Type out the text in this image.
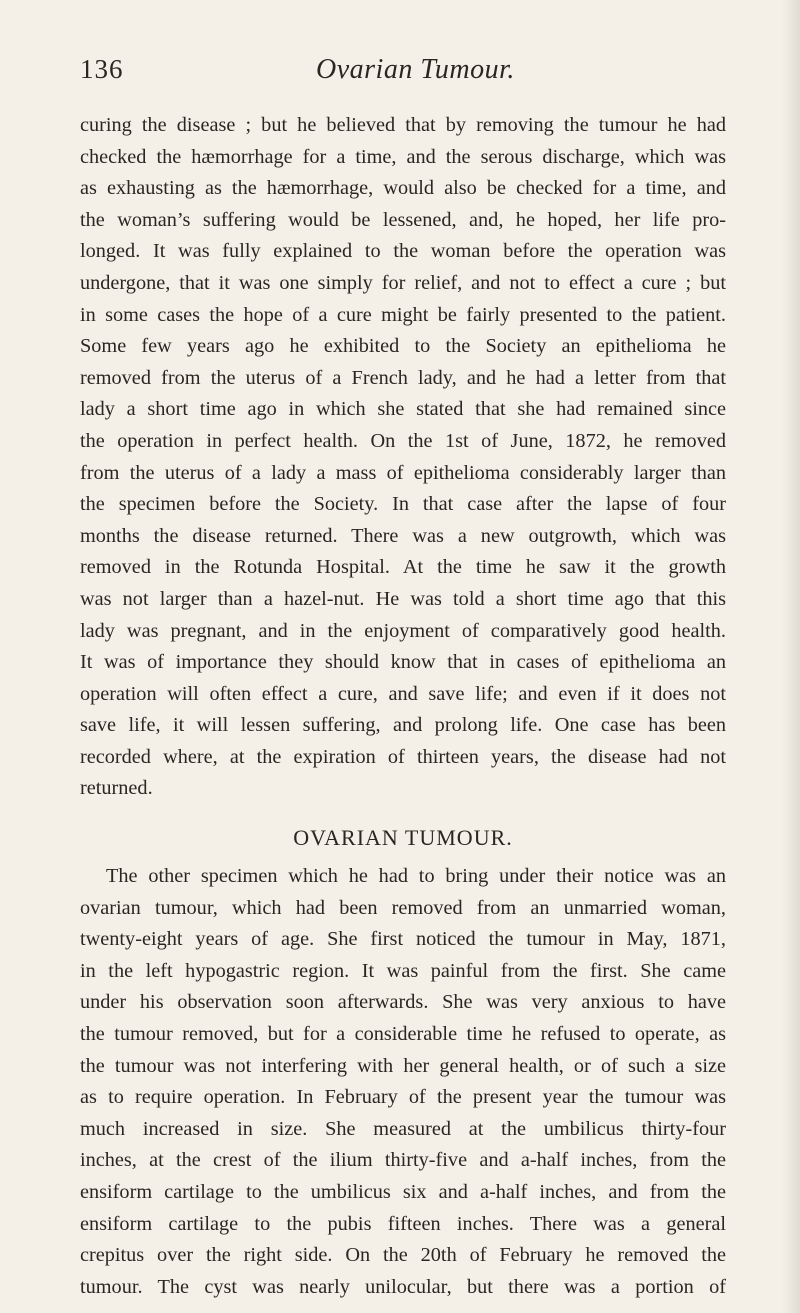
136	Ovarian Tumour.
curing the disease ; but he believed that by removing the tumour he had
checked the hæmorrhage for a time, and the serous discharge, which was
as exhausting as the hæmorrhage, would also be checked for a time, and
the woman’s suffering would be lessened, and, he hoped, her life pro-
longed. It was fully explained to the woman before the operation was
undergone, that it was one simply for relief, and not to effect a cure ; but
in some cases the hope of a cure might be fairly presented to the patient.
Some few years ago he exhibited to the Society an epithelioma he
removed from the uterus of a French lady, and he had a letter from that
lady a short time ago in which she stated that she had remained since
the operation in perfect health. On the 1st of June, 1872, he removed
from the uterus of a lady a mass of epithelioma considerably larger than
the specimen before the Society. In that case after the lapse of four
months the disease returned. There was a new outgrowth, which was
removed in the Rotunda Hospital. At the time he saw it the growth
was not larger than a hazel-nut. He was told a short time ago that this
lady was pregnant, and in the enjoyment of comparatively good health.
It was of importance they should know that in cases of epithelioma an
operation will often effect a cure, and save life; and even if it does not
save life, it will lessen suffering, and prolong life. One case has been
recorded where, at the expiration of thirteen years, the disease had not
returned.
OVARIAN TUMOUR.
The other specimen which he had to bring under their notice was an
ovarian tumour, which had been removed from an unmarried woman,
twenty-eight years of age. She first noticed the tumour in May, 1871,
in the left hypogastric region. It was painful from the first. She came
under his observation soon afterwards. She was very anxious to have
the tumour removed, but for a considerable time he refused to operate, as
the tumour was not interfering with her general health, or of such a size
as to require operation. In February of the present year the tumour was
much increased in size. She measured at the umbilicus thirty-four
inches, at the crest of the ilium thirty-five and a-half inches, from the
ensiform cartilage to the umbilicus six and a-half inches, and from the
ensiform cartilage to the pubis fifteen inches. There was a general
crepitus over the right side. On the 20th of February he removed the
tumour. The cyst was nearly unilocular, but there was a portion of
